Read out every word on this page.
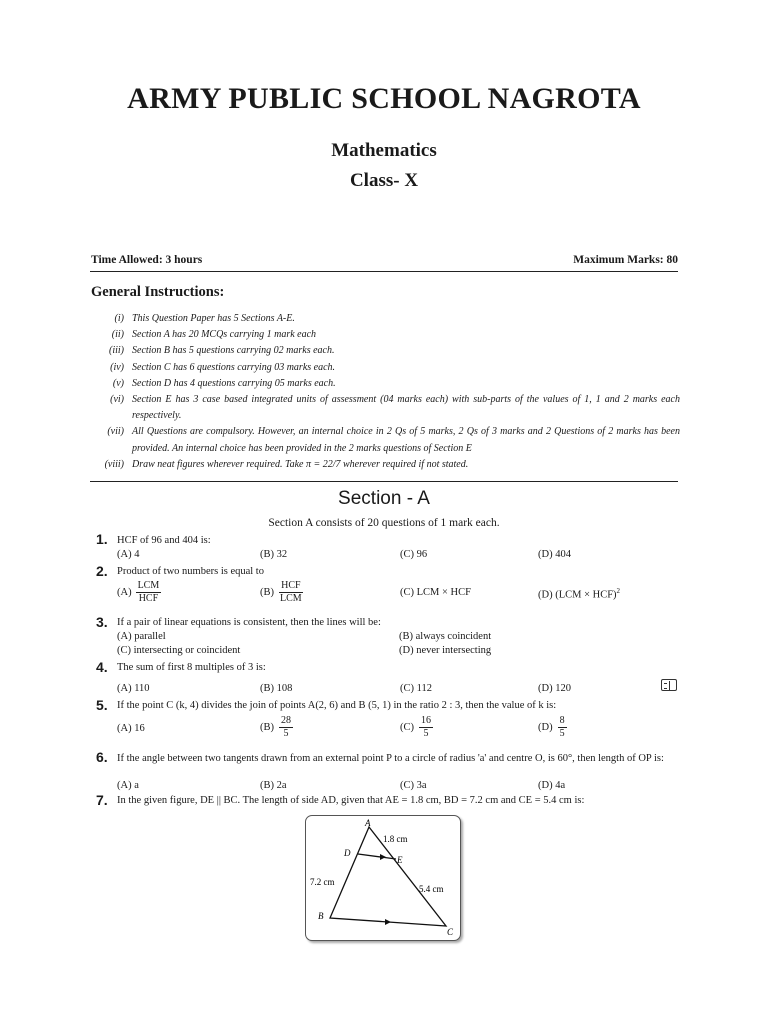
ARMY PUBLIC SCHOOL NAGROTA
Mathematics
Class- X
Time Allowed: 3 hours	Maximum Marks: 80
General Instructions:
(i) This Question Paper has 5 Sections A-E.
(ii) Section A has 20 MCQs carrying 1 mark each
(iii) Section B has 5 questions carrying 02 marks each.
(iv) Section C has 6 questions carrying 03 marks each.
(v) Section D has 4 questions carrying 05 marks each.
(vi) Section E has 3 case based integrated units of assessment (04 marks each) with sub-parts of the values of 1, 1 and 2 marks each respectively.
(vii) All Questions are compulsory. However, an internal choice in 2 Qs of 5 marks, 2 Qs of 3 marks and 2 Questions of 2 marks has been provided. An internal choice has been provided in the 2 marks questions of Section E
(viii) Draw neat figures wherever required. Take π = 22/7 wherever required if not stated.
Section - A
Section A consists of 20 questions of 1 mark each.
1. HCF of 96 and 404 is:
(A) 4	(B) 32	(C) 96	(D) 404
2. Product of two numbers is equal to
$(A) \frac{\text{LCM}}{\text{HCF}}$	$(B) \frac{\text{HCF}}{\text{LCM}}$	(C) LCM × HCF	(D) (LCM × HCF)$^2$
3. If a pair of linear equations is consistent, then the lines will be:
(A) parallel	(B) always coincident
(C) intersecting or coincident	(D) never intersecting
4. The sum of first 8 multiples of 3 is:
(A) 110	(B) 108	(C) 112	(D) 120
5. If the point C (k, 4) divides the join of points A(2, 6) and B (5, 1) in the ratio 2 : 3, then the value of k is:
(A) 16	$(B) \frac{28}{5}$	$(C) \frac{16}{5}$	$(D) \frac{8}{5}$
6. If the angle between two tangents drawn from an external point P to a circle of radius 'a' and centre O, is 60°, then length of OP is:
(A) a	(B) 2a	(C) 3a	(D) 4a
7. In the given figure, DE || BC. The length of side AD, given that AE = 1.8 cm, BD = 7.2 cm and CE = 5.4 cm is:
A
D
E
B
C
1.8 cm
7.2 cm
5.4 cm
